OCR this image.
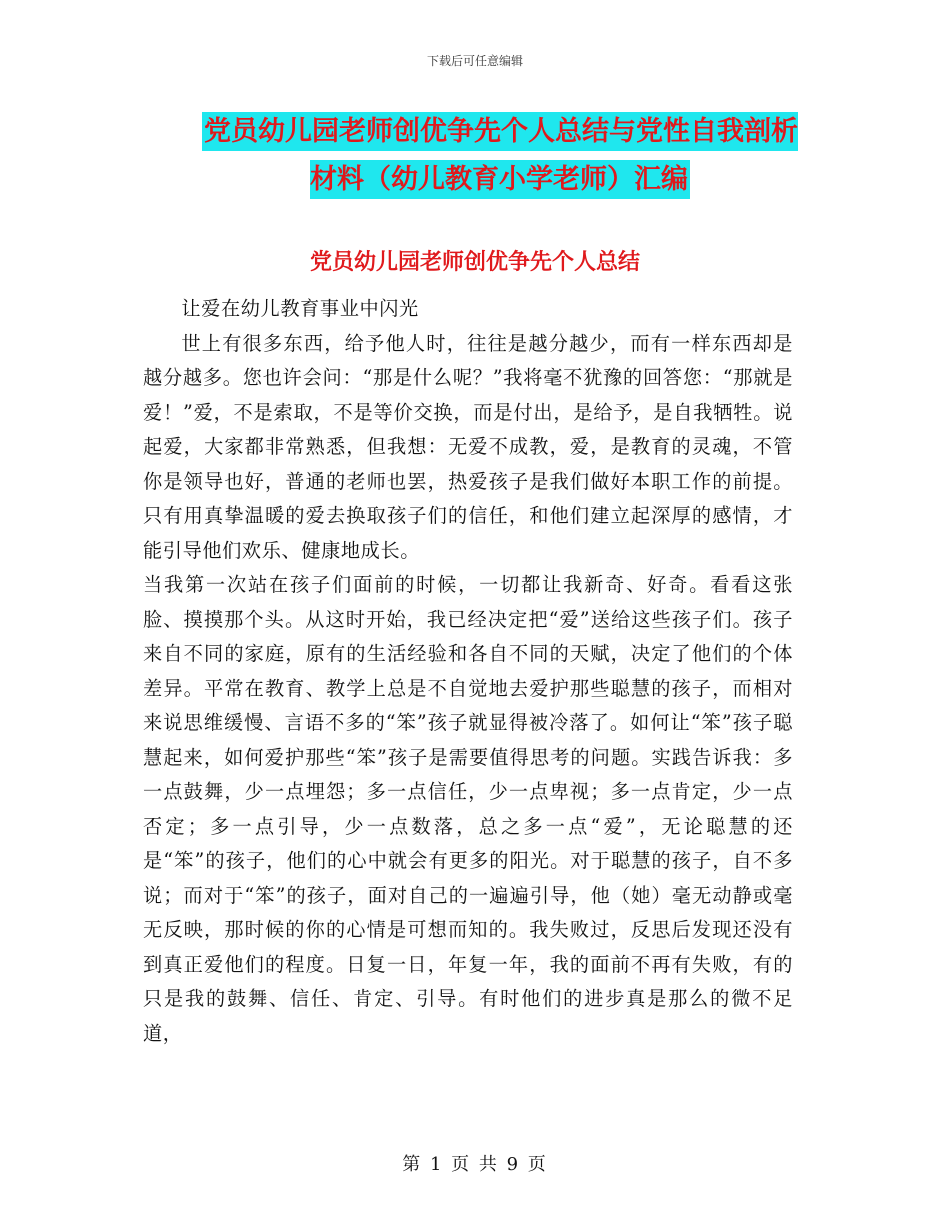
下载后可任意编辑
党员幼儿园老师创优争先个人总结与党性自我剖析材料（幼儿教育小学老师）汇编
党员幼儿园老师创优争先个人总结

让爱在幼儿教育事业中闪光

世上有很多东西，给予他人时，往往是越分越少，而有一样东西却是越分越多。您也许会问：“那是什么呢？”我将毫不犹豫的回答您：“那就是爱！”爱，不是索取，不是等价交换，而是付出，是给予，是自我牺牲。说起爱，大家都非常熟悉，但我想：无爱不成教，爱，是教育的灵魂，不管你是领导也好，普通的老师也罢，热爱孩子是我们做好本职工作的前提。只有用真挚温暖的爱去换取孩子们的信任，和他们建立起深厚的感情，才能引导他们欢乐、健康地成长。

当我第一次站在孩子们面前的时候，一切都让我新奇、好奇。看看这张脸、摸摸那个头。从这时开始，我已经决定把“爱”送给这些孩子们。孩子来自不同的家庭，原有的生活经验和各自不同的天赋，决定了他们的个体差异。平常在教育、教学上总是不自觉地去爱护那些聪慧的孩子，而相对来说思维缓慢、言语不多的“笨”孩子就显得被冷落了。如何让“笨”孩子聪慧起来，如何爱护那些“笨”孩子是需要值得思考的问题。实践告诉我：多一点鼓舞，少一点埋怨；多一点信任，少一点卑视；多一点肯定，少一点否定；多一点引导，少一点数落，总之多一点“爱”，无论聪慧的还是“笨”的孩子，他们的心中就会有更多的阳光。对于聪慧的孩子，自不多说；而对于“笨”的孩子，面对自己的一遍遍引导，他（她）毫无动静或毫无反映，那时候的你的心情是可想而知的。我失败过，反思后发现还没有到真正爱他们的程度。日复一日，年复一年，我的面前不再有失败，有的只是我的鼓舞、信任、肯定、引导。有时他们的进步真是那么的微不足道，

第 1 页 共 9 页
